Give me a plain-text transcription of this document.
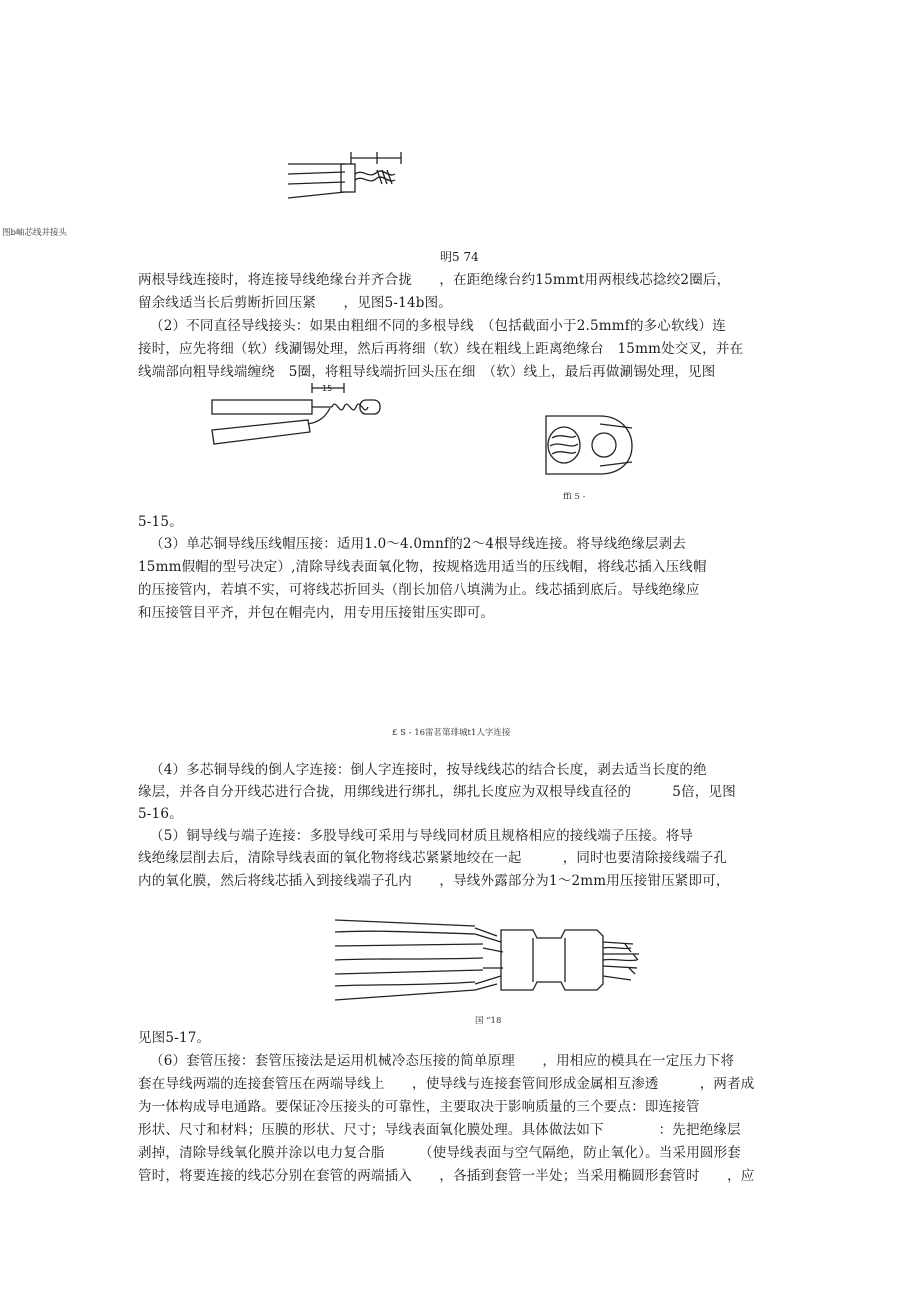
图b岫芯线并接头
明5 74
两根导线连接时，将连接导线绝缘台并齐合拢　　，在距绝缘台约15mmt用两根线芯捻绞2圈后，
留余线适当长后剪断折回压紧　　，见图5-14b图。
（2）不同直径导线接头：如果由粗细不同的多根导线　（包括截面小于2.5mmf的多心软线）连
接时，应先将细（软）线涮锡处理，然后再将细（软）线在粗线上距离绝缘台　15mm处交叉，并在
线端部向粗导线端缠绕　5圈，将粗导线端折回头压在细　（软）线上，最后再做涮锡处理，见图
15
ffi 5 -
5-15。
（3）单芯铜导线压线帽压接：适用1.0～4.0mnf的2～4根导线连接。将导线绝缘层剥去
15mm假帽的型号决定）,清除导线表面氧化物，按规格选用适当的压线帽，将线芯插入压线帽
的压接管内，若填不实，可将线芯折回头（削长加倍八填满为止。线芯插到底后。导线绝缘应
和压接管目平齐，并包在帽壳内，用专用压接钳压实即可。
£ S - 16雷茗第琲城t1人字连接
（4）多芯铜导线的倒人字连接：倒人字连接时，按导线线芯的结合长度，剥去适当长度的绝
缘层，并各自分开线芯进行合拢，用绑线进行绑扎，绑扎长度应为双根导线直径的　　　5倍，见图
5-16。
（5）铜导线与端子连接：多股导线可采用与导线同材质且规格相应的接线端子压接。将导
线绝缘层削去后，清除导线表面的氧化物将线芯紧紧地绞在一起　　　，同时也要清除接线端子孔
内的氧化膜，然后将线芯插入到接线端子孔内　　，导线外露部分为1～2mm用压接钳压紧即可，
国 “18
见图5-17。
（6）套管压接：套管压接法是运用机械冷态压接的简单原理　　，用相应的模具在一定压力下将
套在导线两端的连接套管压在两端导线上　　，使导线与连接套管间形成金属相互渗透　　　，两者成
为一体构成导电通路。要保证冷压接头的可靠性，主要取决于影响质量的三个要点：即连接管
形状、尺寸和材料；压膜的形状、尺寸；导线表面氧化膜处理。具体做法如下　　　　：先把绝缘层
剥掉，清除导线氧化膜并涂以电力复合脂　　　（使导线表面与空气隔绝，防止氧化）。当采用圆形套
管时，将要连接的线芯分别在套管的两端插入　　，各插到套管一半处；当采用椭圆形套管时　　，应
